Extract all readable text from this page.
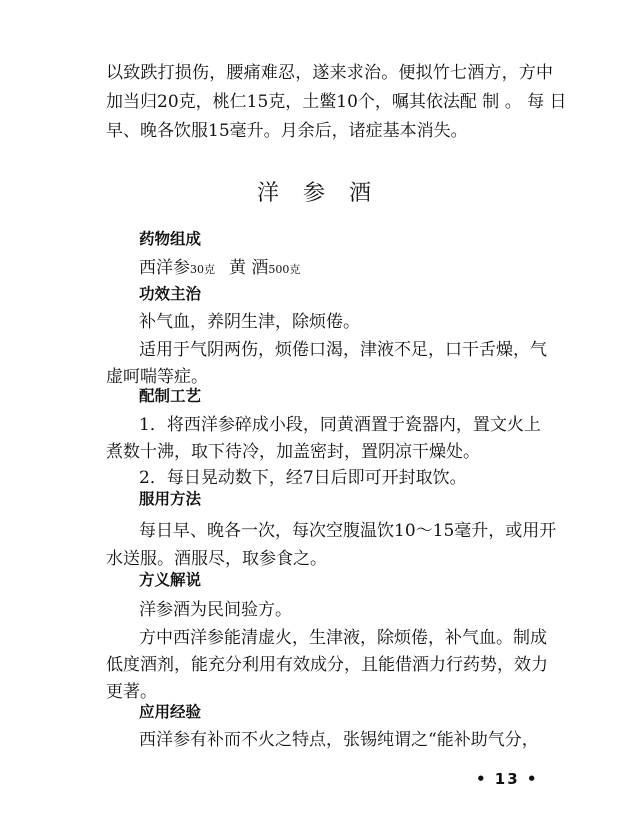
以致跌打损伤，腰痛难忍，遂来求治。便拟竹七酒方，方中
加当归20克，桃仁15克，土鳖10个，嘱其依法配 制 。 每 日
早、晚各饮服15毫升。月余后，诸症基本消失。
洋参酒
药物组成
西洋参30克 黄 酒500克
功效主治
补气血，养阴生津，除烦倦。
适用于气阴两伤，烦倦口渴，津液不足，口干舌燥，气
虚呵喘等症。
配制工艺
1．将西洋参碎成小段，同黄酒置于瓷器内，置文火上
煮数十沸，取下待冷，加盖密封，置阴凉干燥处。
2．每日晃动数下，经7日后即可开封取饮。
服用方法
每日早、晚各一次，每次空腹温饮10～15毫升，或用开
水送服。酒服尽，取参食之。
方义解说
洋参酒为民间验方。
方中西洋参能清虚火，生津液，除烦倦，补气血。制成
低度酒剂，能充分利用有效成分，且能借酒力行药势，效力
更著。
应用经验
西洋参有补而不火之特点，张锡纯谓之“能补助气分，
• 13 •
